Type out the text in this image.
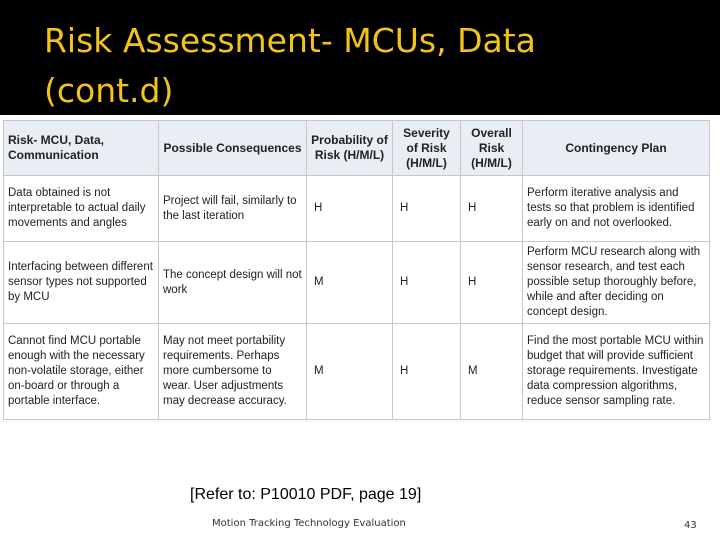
Risk Assessment- MCUs, Data
(cont.d)
Risk- MCU, Data, Communication	Possible Consequences	Probability of Risk (H/M/L)	Severity of Risk (H/M/L)	Overall Risk (H/M/L)	Contingency Plan
Data obtained is not interpretable to actual daily movements and angles	Project will fail, similarly to the last iteration	H	H	H	Perform iterative analysis and tests so that problem is identified early on and not overlooked.
Interfacing between different sensor types not supported by MCU	The concept design will not work	M	H	H	Perform MCU research along with sensor research, and test each possible setup thoroughly before, while and after deciding on concept design.
Cannot find MCU portable enough with the necessary non-volatile storage, either on-board or through a portable interface.	May not meet portability requirements. Perhaps more cumbersome to wear. User adjustments may decrease accuracy.	M	H	M	Find the most portable MCU within budget that will provide sufficient storage requirements. Investigate data compression algorithms, reduce sensor sampling rate.
[Refer to: P10010 PDF, page 19]
Motion Tracking Technology Evaluation	43
